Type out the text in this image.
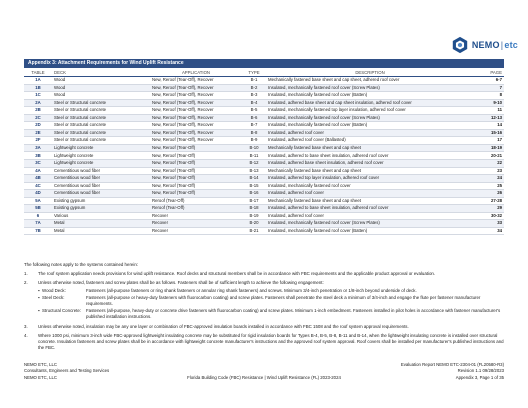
NEMO|etc
Appendix 3: Attachment Requirements for Wind Uplift Resistance
TABLE	DECK	APPLICATION	TYPE	DESCRIPTION	PAGE
1A	Wood	New, Reroof (Tear-Off), Recover	B-1	Mechanically fastened base sheet and cap sheet, adhered roof cover	6-7
1B	Wood	New, Reroof (Tear-Off), Recover	B-2	Insulated, mechanically fastened roof cover (Screw Plates)	7
1C	Wood	New, Reroof (Tear-Off), Recover	B-3	Insulated, mechanically fastened roof cover (Batten)	8
2A	Steel or Structural concrete	New, Reroof (Tear-Off), Recover	B-4	Insulated, adhered base sheet and cap sheet insulation, adhered roof cover	9-10
2B	Steel or Structural concrete	New, Reroof (Tear-Off), Recover	B-5	Insulated, mechanically fastened top layer insulation, adhered roof cover	11
2C	Steel or Structural concrete	New, Reroof (Tear-Off), Recover	B-6	Insulated, mechanically fastened roof cover (Screw Plates)	12-13
2D	Steel or Structural concrete	New, Reroof (Tear-Off), Recover	B-7	Insulated, mechanically fastened roof cover (Batten)	14
2E	Steel or Structural concrete	New, Reroof (Tear-Off), Recover	B-8	Insulated, adhered roof cover	15-16
2F	Steel or Structural concrete	New, Reroof (Tear-Off), Recover	B-9	Insulated, adhered roof cover (Ballasted)	17
3A	Lightweight concrete	New, Reroof (Tear-Off)	B-10	Mechanically fastened base sheet and cap sheet	18-19
3B	Lightweight concrete	New, Reroof (Tear-Off)	B-11	Insulated, adhered to base sheet insulation, adhered roof cover	20-21
3C	Lightweight concrete	New, Reroof (Tear-Off)	B-12	Insulated, adhered base sheet insulation, adhered roof cover	22
4A	Cementitious wood fiber	New, Reroof (Tear-Off)	B-13	Mechanically fastened base sheet and cap sheet	23
4B	Cementitious wood fiber	New, Reroof (Tear-Off)	B-14	Insulated, adhered top layer insulation, adhered roof cover	24
4C	Cementitious wood fiber	New, Reroof (Tear-Off)	B-15	Insulated, mechanically fastened roof cover	25
4D	Cementitious wood fiber	New, Reroof (Tear-Off)	B-16	Insulated, adhered roof cover	26
5A	Existing gypsum	Reroof (Tear-Off)	B-17	Mechanically fastened base sheet and cap sheet	27-28
5B	Existing gypsum	Reroof (Tear-Off)	B-18	Insulated, adhered to base sheet insulation, adhered roof cover	29
6	Various	Recover	B-19	Insulated, adhered roof cover	30-32
7A	Metal	Recover	B-20	Insulated, mechanically fastened roof cover (Screw Plates)	33
7B	Metal	Recover	B-21	Insulated, mechanically fastened roof cover (Batten)	34
The following notes apply to the systems contained herein:
1.	The roof system application needs provisions for wind uplift resistance. Roof decks and structural members shall be in accordance with FBC requirements and the applicable product approval or evaluation.
2.	Unless otherwise noted, fasteners and screw plates shall be as follows. Fasteners shall be of sufficient length to achieve the following engagement:
▪ Wood Deck:	Fasteners (all-purpose fasteners or ring shank fasteners or annular ring shank fasteners) and screws. Minimum 3/4-inch penetration or 1/8-inch beyond underside of deck.
▪ Steel Deck:	Fasteners (all-purpose or heavy-duty fasteners with fluorocarbon coating) and screw plates. Fasteners shall penetrate the steel deck a minimum of 3/4-inch and engage the flute per fastener manufacturer requirements.
▪ Structural Concrete:	Fasteners (all-purpose, heavy-duty or concrete drive fasteners with fluorocarbon coating) and screw plates. Minimum 1-inch embedment. Fasteners installed in pilot holes in accordance with fastener manufacturer's published installation instructions.
3.	Unless otherwise noted, insulation may be any one layer or combination of FBC-approved insulation boards installed in accordance with FBC 1508 and the roof system approval requirements.
4.	Where 1000 psi, minimum 3-inch wide FBC-approved lightweight insulating concrete may be substituted for rigid insulation boards for Types B-4, B-5, B-8, B-11 and B-14, when the lightweight insulating concrete is installed over structural concrete. Insulation fasteners and screw plates shall be in accordance with lightweight concrete manufacturer's instructions and the approved roof system approval. Roof covers shall be installed per manufacturer's published instructions and the FBC.
NEMO ETC, LLC
Consultants, Engineers and Testing Services
NEMO ETC, LLC	Florida Building Code (FBC) Resistance | Wind Uplift Resistance (FL) 2023-2024
Evaluation Report NEMO ETC-2304-01 (FL20580-R3)
Revision 1.1 09/28/2023
Appendix 3, Page 1 of 35
